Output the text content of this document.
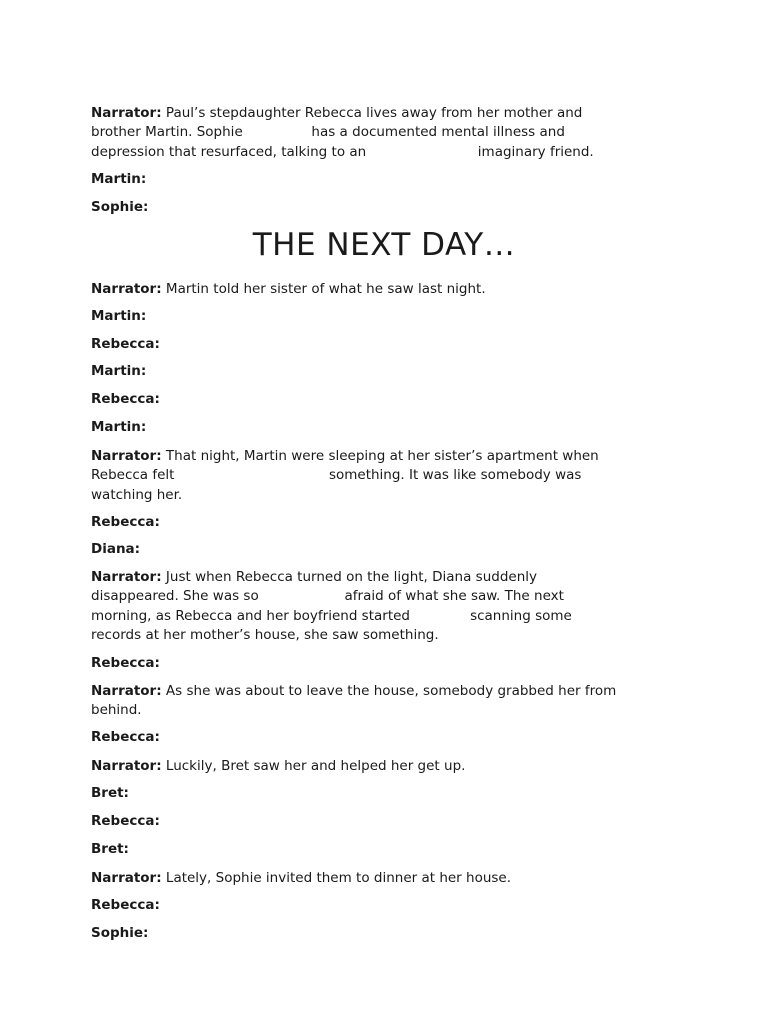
Narrator: Paul’s stepdaughter Rebecca lives away from her mother and
brother Martin. Sophie                has a documented mental illness and
depression that resurfaced, talking to an                          imaginary friend.

Martin:

Sophie:

THE NEXT DAY…

Narrator: Martin told her sister of what he saw last night.

Martin:

Rebecca:

Martin:

Rebecca:

Martin:

Narrator: That night, Martin were sleeping at her sister’s apartment when
Rebecca felt                                    something. It was like somebody was
watching her.

Rebecca:

Diana:

Narrator: Just when Rebecca turned on the light, Diana suddenly
disappeared. She was so                    afraid of what she saw. The next
morning, as Rebecca and her boyfriend started              scanning some
records at her mother’s house, she saw something.

Rebecca:

Narrator: As she was about to leave the house, somebody grabbed her from
behind.

Rebecca:

Narrator: Luckily, Bret saw her and helped her get up.

Bret:

Rebecca:

Bret:

Narrator: Lately, Sophie invited them to dinner at her house.

Rebecca:

Sophie:
